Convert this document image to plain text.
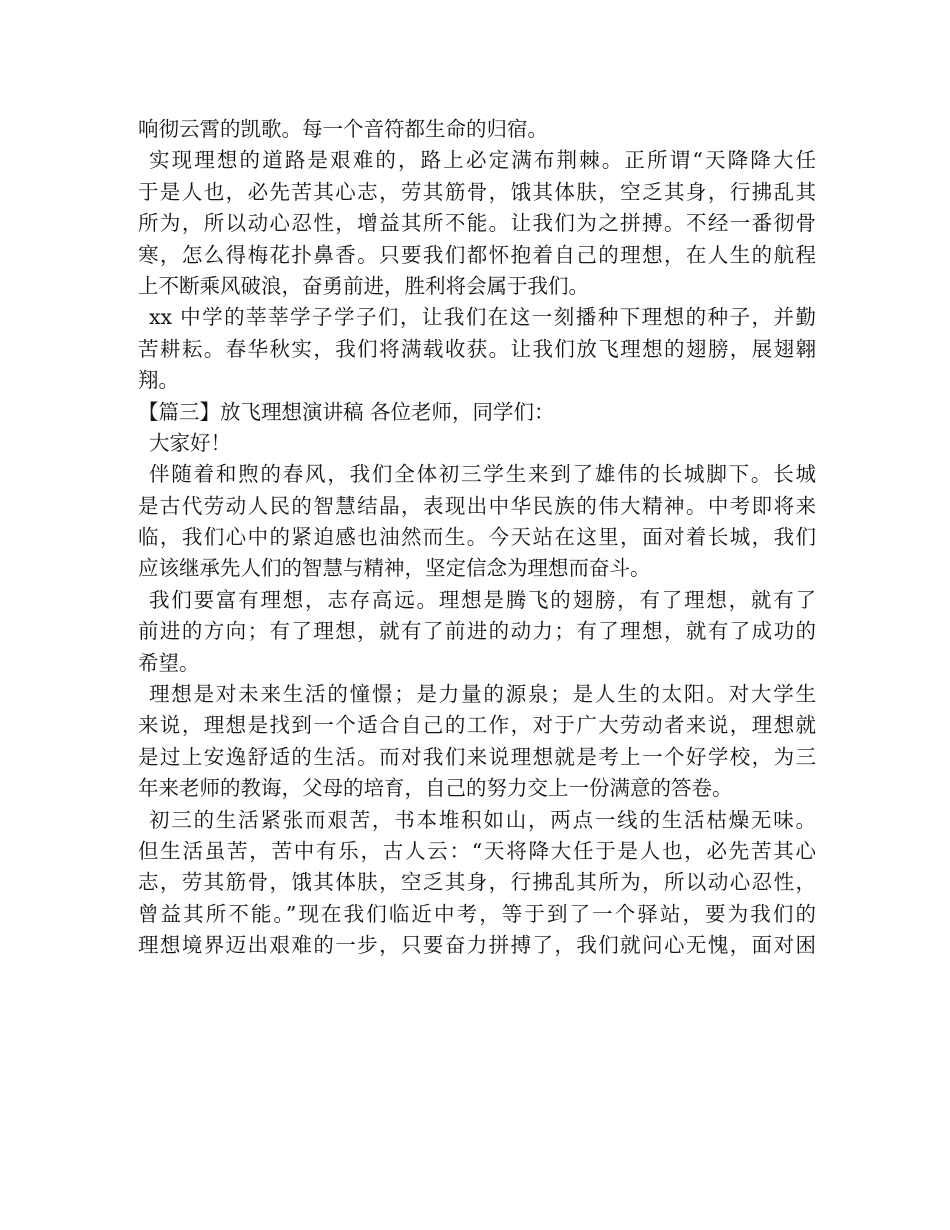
响彻云霄的凯歌。每一个音符都生命的归宿。
实现理想的道路是艰难的，路上必定满布荆棘。正所谓“天降降大任
于是人也，必先苦其心志，劳其筋骨，饿其体肤，空乏其身，行拂乱其
所为，所以动心忍性，增益其所不能。让我们为之拼搏。不经一番彻骨
寒，怎么得梅花扑鼻香。只要我们都怀抱着自己的理想，在人生的航程
上不断乘风破浪，奋勇前进，胜利将会属于我们。
xx 中学的莘莘学子学子们，让我们在这一刻播种下理想的种子，并勤
苦耕耘。春华秋实，我们将满载收获。让我们放飞理想的翅膀，展翅翱
翔。
【篇三】放飞理想演讲稿 各位老师，同学们：
大家好！
伴随着和煦的春风，我们全体初三学生来到了雄伟的长城脚下。长城
是古代劳动人民的智慧结晶，表现出中华民族的伟大精神。中考即将来
临，我们心中的紧迫感也油然而生。今天站在这里，面对着长城，我们
应该继承先人们的智慧与精神，坚定信念为理想而奋斗。
我们要富有理想，志存高远。理想是腾飞的翅膀，有了理想，就有了
前进的方向；有了理想，就有了前进的动力；有了理想，就有了成功的
希望。
理想是对未来生活的憧憬；是力量的源泉；是人生的太阳。对大学生
来说，理想是找到一个适合自己的工作，对于广大劳动者来说，理想就
是过上安逸舒适的生活。而对我们来说理想就是考上一个好学校，为三
年来老师的教诲，父母的培育，自己的努力交上一份满意的答卷。
初三的生活紧张而艰苦，书本堆积如山，两点一线的生活枯燥无味。
但生活虽苦，苦中有乐，古人云：“天将降大任于是人也，必先苦其心
志，劳其筋骨，饿其体肤，空乏其身，行拂乱其所为，所以动心忍性，
曾益其所不能。”现在我们临近中考，等于到了一个驿站，要为我们的
理想境界迈出艰难的一步，只要奋力拼搏了，我们就问心无愧，面对困
